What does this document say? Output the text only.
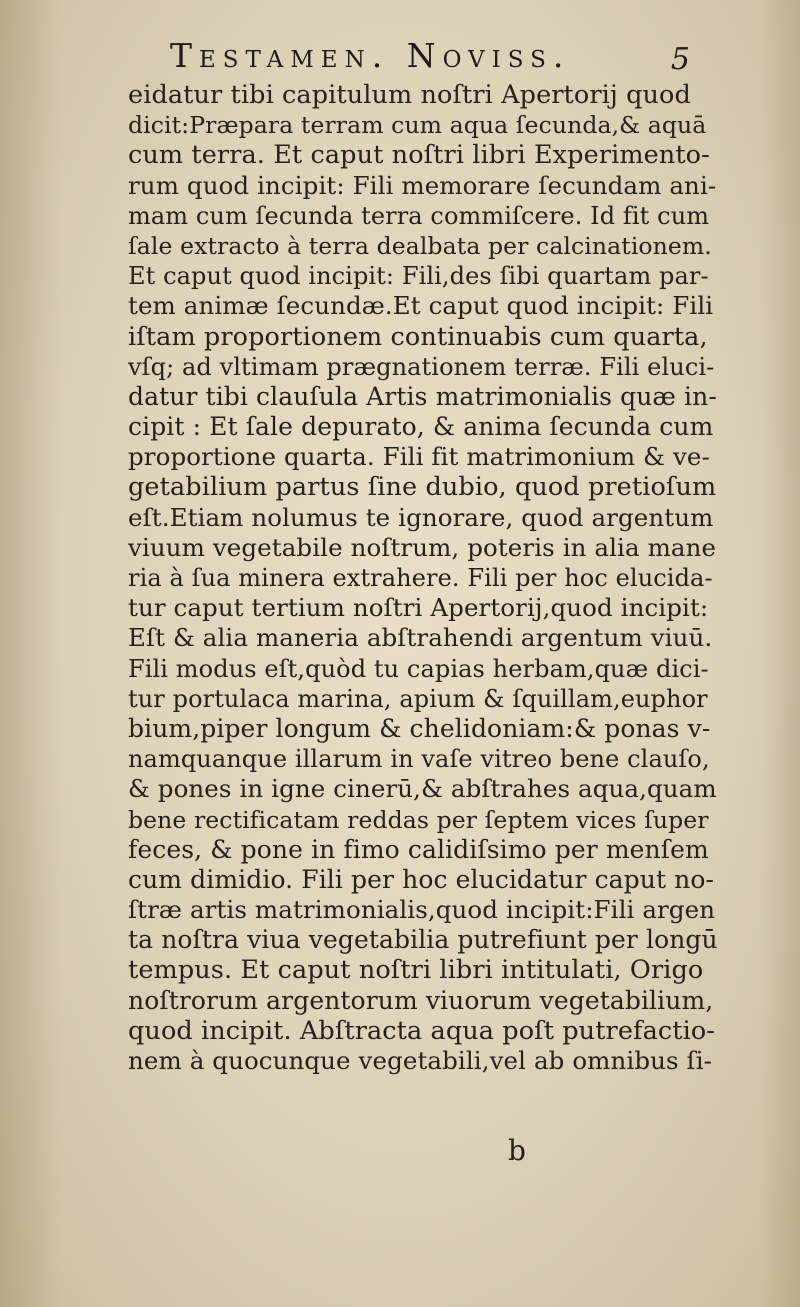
Testamen. Noviss.	5
eidatur tibi capitulum noſtri Apertorij quod
dicit:Præpara terram cum aqua ſecunda,& aquā
cum terra. Et caput noſtri libri Experimento-
rum quod incipit: Fili memorare ſecundam ani-
mam cum ſecunda terra commiſcere. Id fit cum
ſale extracto à terra dealbata per calcinationem.
Et caput quod incipit: Fili,des ſibi quartam par-
tem animæ ſecundæ.Et caput quod incipit: Fili
iſtam proportionem continuabis cum quarta,
vſq; ad vltimam prægnationem terræ. Fili eluci-
datur tibi clauſula Artis matrimonialis quæ in-
cipit : Et ſale depurato, & anima ſecunda cum
proportione quarta. Fili fit matrimonium & ve-
getabilium partus ſine dubio, quod pretioſum
eſt.Etiam nolumus te ignorare, quod argentum
viuum vegetabile noſtrum, poteris in alia mane
ria à ſua minera extrahere. Fili per hoc elucida-
tur caput tertium noſtri Apertorij,quod incipit:
Eſt & alia maneria abſtrahendi argentum viuū.
Fili modus eſt,quòd tu capias herbam,quæ dici-
tur portulaca marina, apium & ſquillam,euphor
bium,piper longum & chelidoniam:& ponas v-
namquanque illarum in vaſe vitreo bene clauſo,
& pones in igne cinerū,& abſtrahes aqua,quam
bene rectificatam reddas per ſeptem vices ſuper
feces, & pone in fimo calidiſsimo per menſem
cum dimidio. Fili per hoc elucidatur caput no-
ſtræ artis matrimonialis,quod incipit:Fili argen
ta noſtra viua vegetabilia putrefiunt per longū
tempus. Et caput noſtri libri intitulati, Origo
noſtrorum argentorum viuorum vegetabilium,
quod incipit. Abſtracta aqua poſt putrefactio-
nem à quocunque vegetabili,vel ab omnibus ſi-
b
